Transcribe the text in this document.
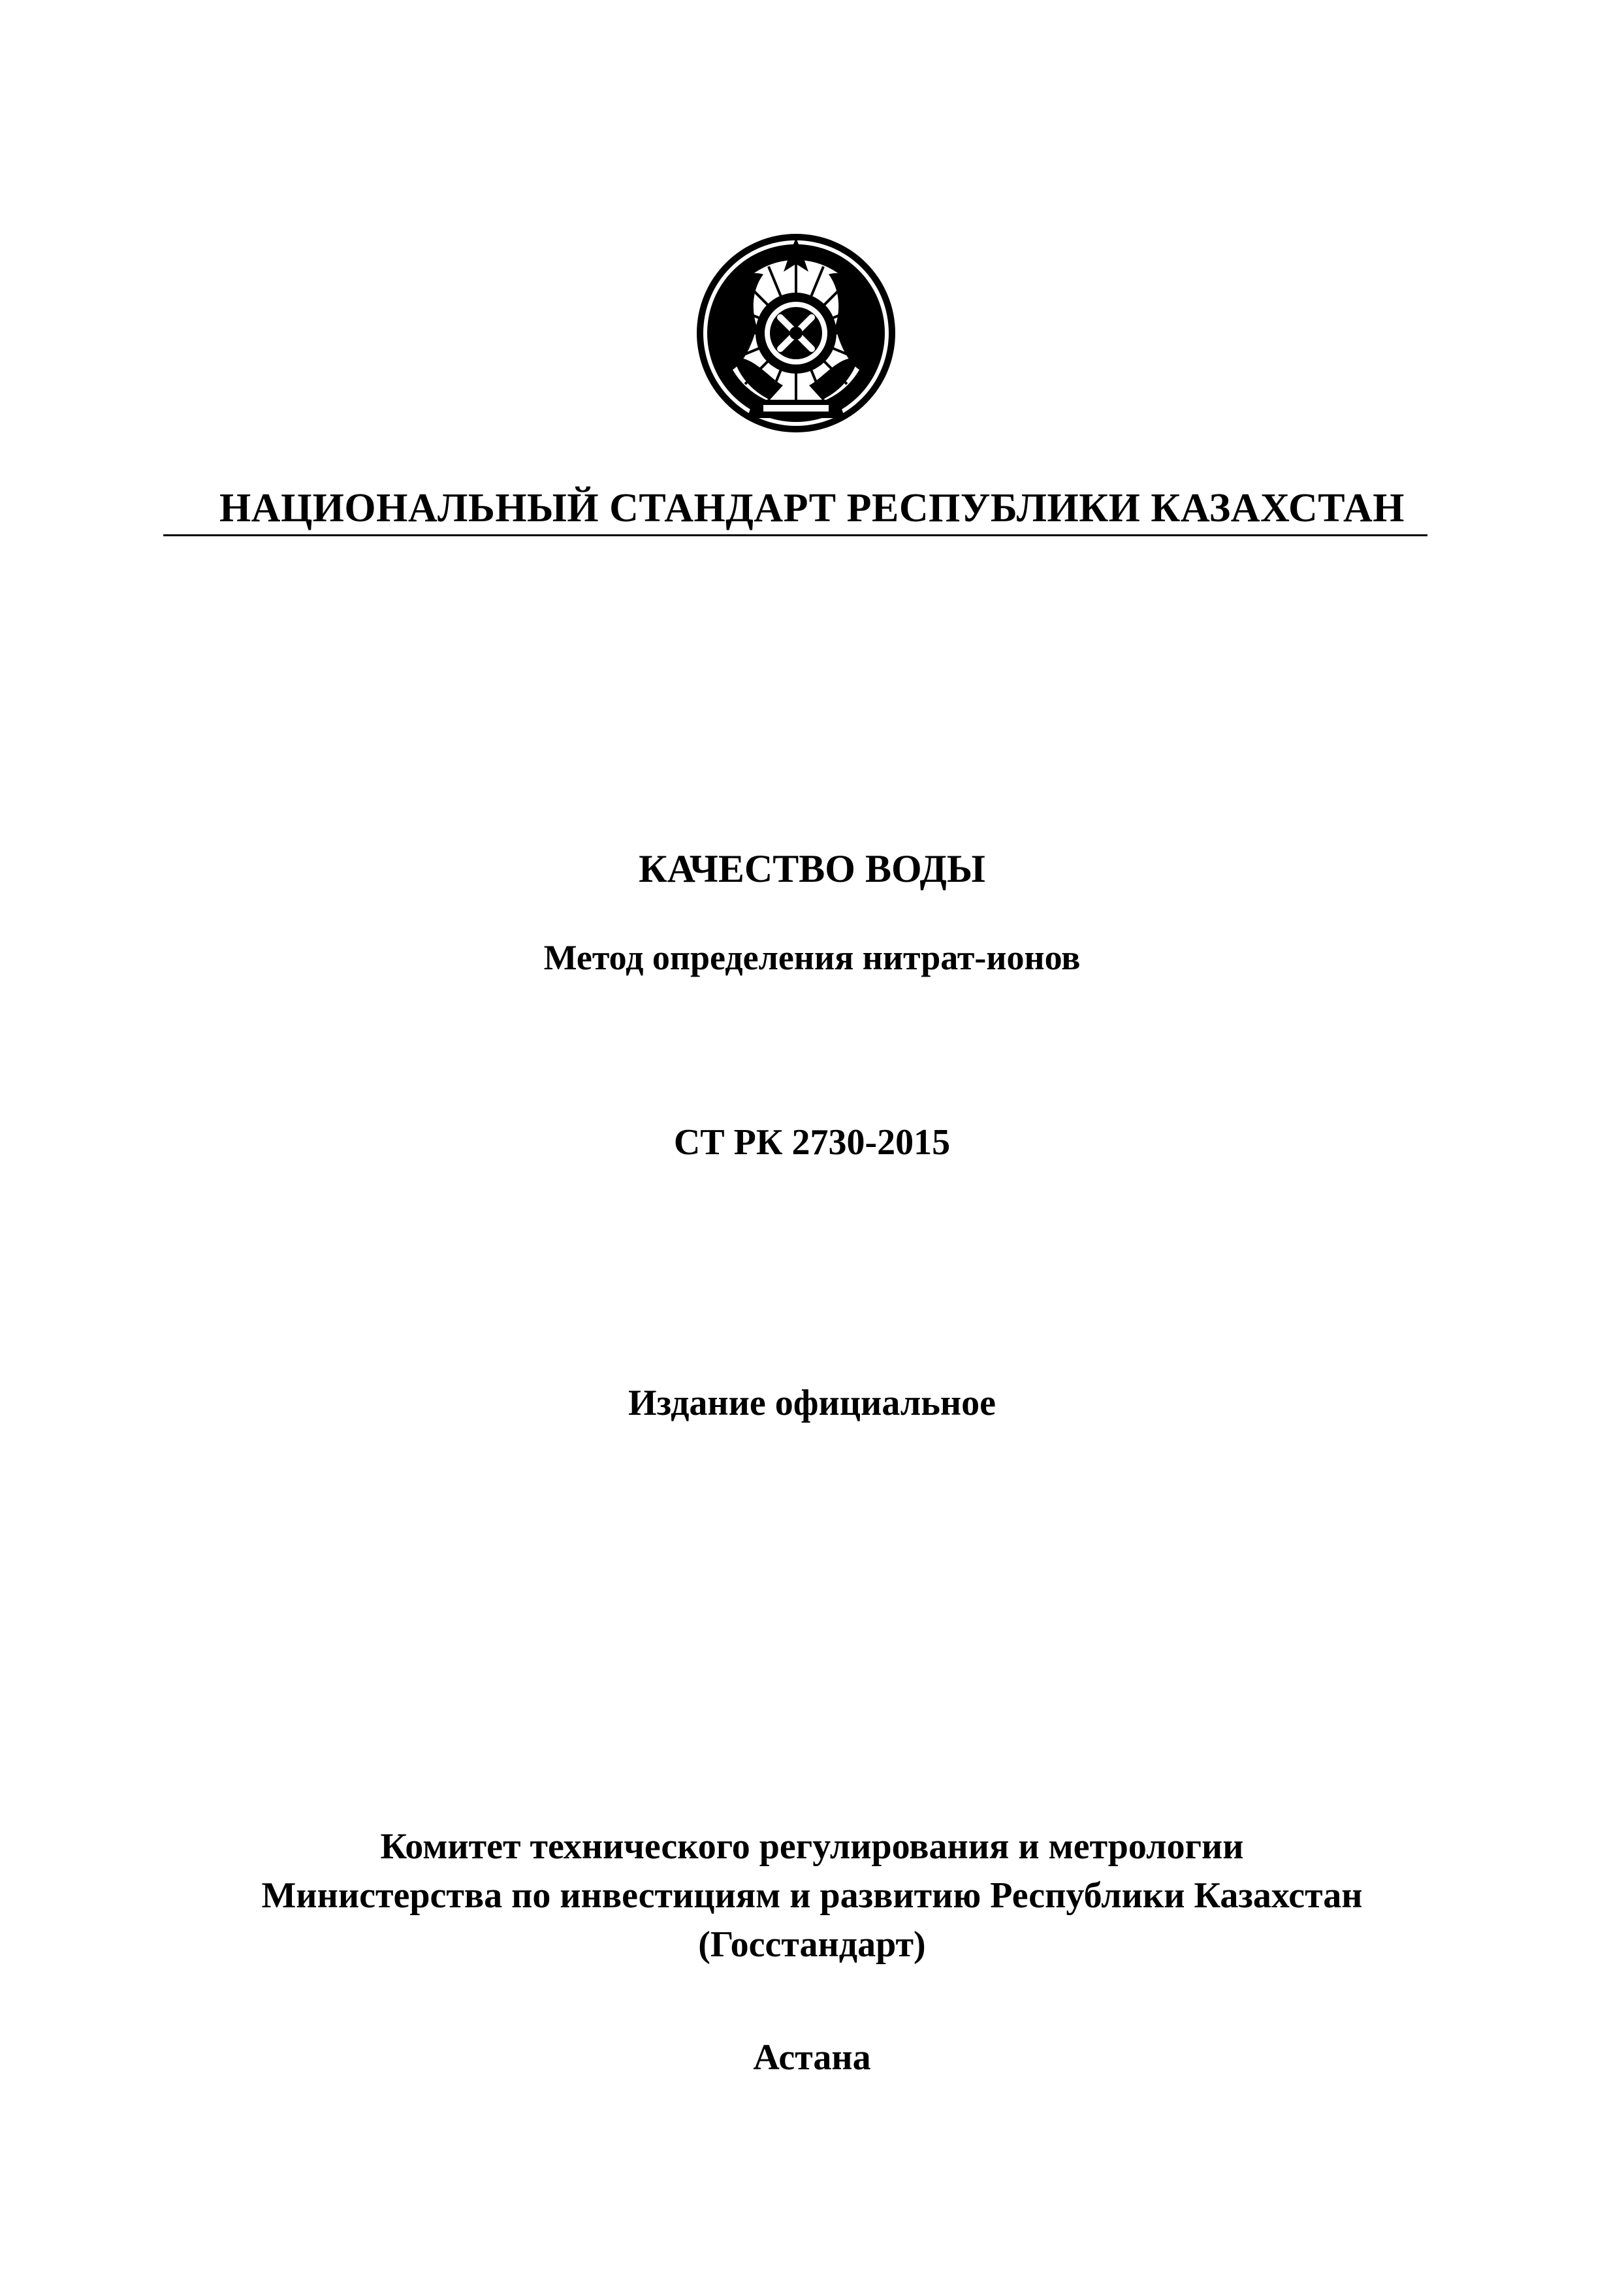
НАЦИОНАЛЬНЫЙ СТАНДАРТ РЕСПУБЛИКИ КАЗАХСТАН
КАЧЕСТВО ВОДЫ
Метод определения нитрат-ионов
СТ РК 2730-2015
Издание официальное
Комитет технического регулирования и метрологии
Министерства по инвестициям и развитию Республики Казахстан
(Госстандарт)
Астана
